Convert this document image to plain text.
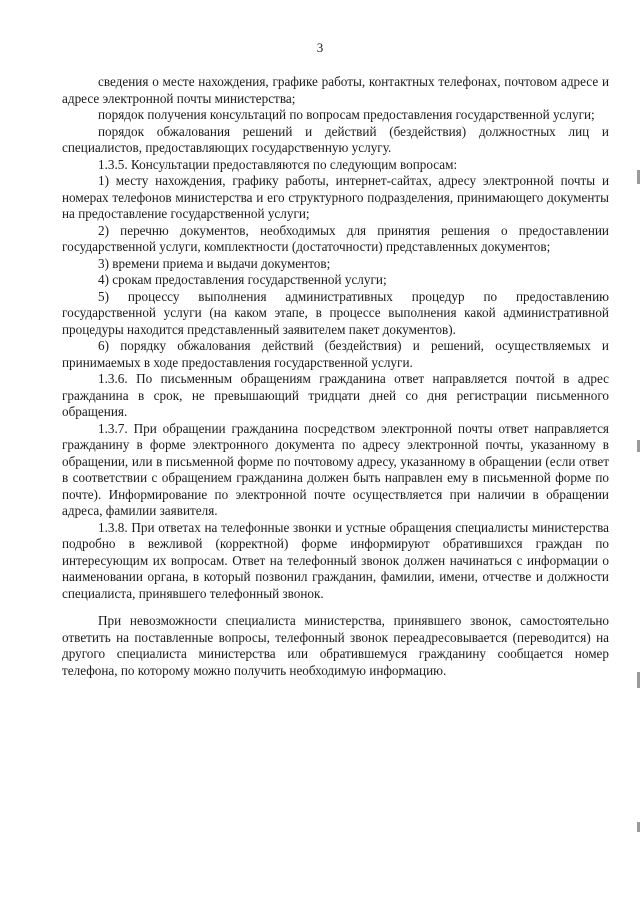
3

сведения о месте нахождения, графике работы, контактных телефонах, почтовом адресе и адресе электронной почты министерства;

порядок получения консультаций по вопросам предоставления государственной услуги;

порядок обжалования решений и действий (бездействия) должностных лиц и специалистов, предоставляющих государственную услугу.

1.3.5. Консультации предоставляются по следующим вопросам:

1) месту нахождения, графику работы, интернет-сайтах, адресу электронной почты и номерах телефонов министерства и его структурного подразделения, принимающего документы на предоставление государственной услуги;

2) перечню документов, необходимых для принятия решения о предоставлении государственной услуги, комплектности (достаточности) представленных документов;

3) времени приема и выдачи документов;

4) срокам предоставления государственной услуги;

5) процессу выполнения административных процедур по предоставлению государственной услуги (на каком этапе, в процессе выполнения какой административной процедуры находится представленный заявителем пакет документов).

6) порядку обжалования действий (бездействия) и решений, осуществляемых и принимаемых в ходе предоставления государственной услуги.

1.3.6. По письменным обращениям гражданина ответ направляется почтой в адрес гражданина в срок, не превышающий тридцати дней со дня регистрации письменного обращения.

1.3.7. При обращении гражданина посредством электронной почты ответ направляется гражданину в форме электронного документа по адресу электронной почты, указанному в обращении, или в письменной форме по почтовому адресу, указанному в обращении (если ответ в соответствии с обращением гражданина должен быть направлен ему в письменной форме по почте). Информирование по электронной почте осуществляется при наличии в обращении адреса, фамилии заявителя.

1.3.8. При ответах на телефонные звонки и устные обращения специалисты министерства подробно в вежливой (корректной) форме информируют обратившихся граждан по интересующим их вопросам. Ответ на телефонный звонок должен начинаться с информации о наименовании органа, в который позвонил гражданин, фамилии, имени, отчестве и должности специалиста, принявшего телефонный звонок.

При невозможности специалиста министерства, принявшего звонок, самостоятельно ответить на поставленные вопросы, телефонный звонок переадресовывается (переводится) на другого специалиста министерства или обратившемуся гражданину сообщается номер телефона, по которому можно получить необходимую информацию.
